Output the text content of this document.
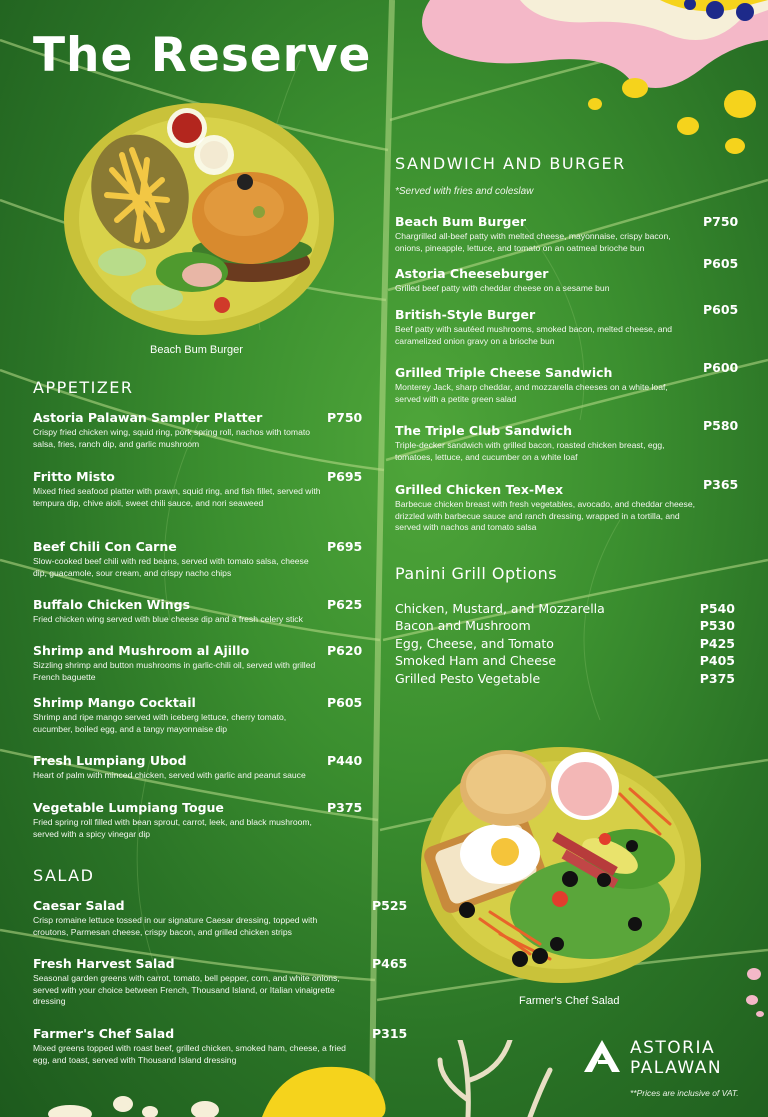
The Reserve
Beach Bum Burger
APPETIZER
Astoria Palawan Sampler Platter
Crispy fried chicken wing, squid ring, pork spring roll, nachos with tomato salsa, fries, ranch dip, and garlic mushroom
P750
Fritto Misto
Mixed fried seafood platter with prawn, squid ring, and fish fillet, served with tempura dip, chive aioli, sweet chili sauce, and nori seaweed
P695
Beef Chili Con Carne
Slow-cooked beef chili with red beans, served with tomato salsa, cheese dip, guacamole, sour cream, and crispy nacho chips
P695
Buffalo Chicken Wings
Fried chicken wing served with blue cheese dip and a fresh celery stick
P625
Shrimp and Mushroom al Ajillo
Sizzling shrimp and button mushrooms in garlic-chili oil, served with grilled French baguette
P620
Shrimp Mango Cocktail
Shrimp and ripe mango served with iceberg lettuce, cherry tomato, cucumber, boiled egg, and a tangy mayonnaise dip
P605
Fresh Lumpiang Ubod
Heart of palm with minced chicken, served with garlic and peanut sauce
P440
Vegetable Lumpiang Togue
Fried spring roll filled with bean sprout, carrot, leek, and black mushroom, served with a spicy vinegar dip
P375
SALAD
Caesar Salad
Crisp romaine lettuce tossed in our signature Caesar dressing, topped with croutons, Parmesan cheese, crispy bacon, and grilled chicken strips
P525
Fresh Harvest Salad
Seasonal garden greens with carrot, tomato, bell pepper, corn, and white onions, served with your choice between French, Thousand Island, or Italian vinaigrette dressing
P465
Farmer's Chef Salad
Mixed greens topped with roast beef, grilled chicken, smoked ham, cheese, a fried egg, and toast, served with Thousand Island dressing
P315
SANDWICH AND BURGER
*Served with fries and coleslaw
Beach Bum Burger
Chargrilled all-beef patty with melted cheese, mayonnaise, crispy bacon, onions, pineapple, lettuce, and tomato on an oatmeal brioche bun
P750
Astoria Cheeseburger
Grilled beef patty with cheddar cheese on a sesame bun
P605
British-Style Burger
Beef patty with sautéed mushrooms, smoked bacon, melted cheese, and caramelized onion gravy on a brioche bun
P605
Grilled Triple Cheese Sandwich
Monterey Jack, sharp cheddar, and mozzarella cheeses on a white loaf, served with a petite green salad
P600
The Triple Club Sandwich
Triple-decker sandwich with grilled bacon, roasted chicken breast, egg, tomatoes, lettuce, and cucumber on a white loaf
P580
Grilled Chicken Tex-Mex
Barbecue chicken breast with fresh vegetables, avocado, and cheddar cheese, drizzled with barbecue sauce and ranch dressing, wrapped in a tortilla, and served with nachos and tomato salsa
P365
Panini Grill Options
Chicken, Mustard, and Mozzarella	P540
Bacon and Mushroom	P530
Egg, Cheese, and Tomato	P425
Smoked Ham and Cheese	P405
Grilled Pesto Vegetable	P375
Farmer's Chef Salad
ASTORIA
PALAWAN
**Prices are inclusive of VAT.
